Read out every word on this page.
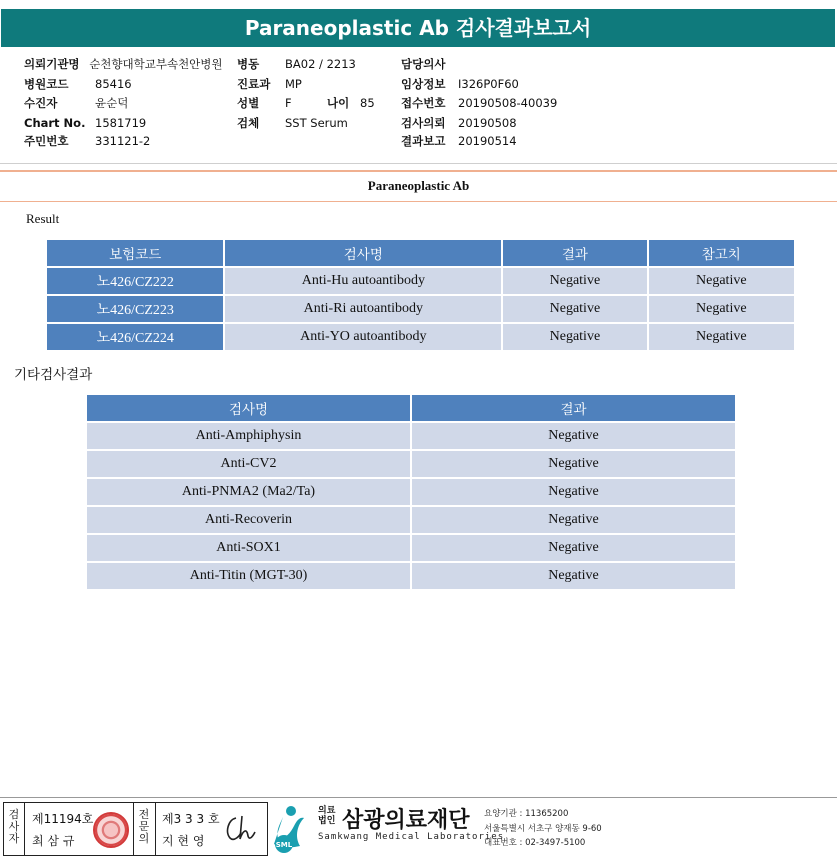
Paraneoplastic Ab 검사결과보고서
의뢰기관명 순천향대학교부속천안병원
병원코드 85416
수진자	윤순덕
Chart No. 1581719
주민번호 331121-2
병동 BA02 / 2213
진료과 MP
성별 F	나이 85
검체 SST Serum
담당의사
임상정보 I326P0F60
접수번호 20190508-40039
검사의뢰 20190508
결과보고 20190514
Paraneoplastic Ab
Result
보험코드	검사명	결과	참고치
노426/CZ222	Anti-Hu autoantibody	Negative	Negative
노426/CZ223	Anti-Ri autoantibody	Negative	Negative
노426/CZ224	Anti-YO autoantibody	Negative	Negative
기타검사결과
검사명	결과
Anti-Amphiphysin	Negative
Anti-CV2	Negative
Anti-PNMA2 (Ma2/Ta)	Negative
Anti-Recoverin	Negative
Anti-SOX1	Negative
Anti-Titin (MGT-30)	Negative
검사자
제11194호
최 삼 규
전문의
제3 3 3 호
지 현 영	SML
의료 법인 삼광의료재단
Samkwang Medical Laboratories
요양기관 : 11365200
서울특별시 서초구 양재동 9-60
대표번호 : 02-3497-5100
